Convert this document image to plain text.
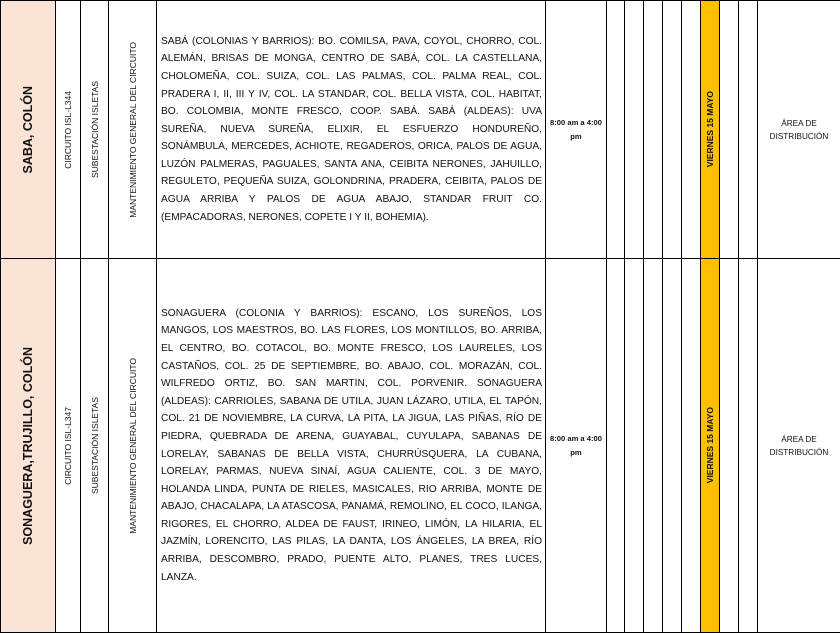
SABA, COLÓN	CIRCUITO ISL-L344	SUBESTACIÓN ISLETAS	MANTENIMIENTO GENERAL DEL CIRCUITO	SABÁ (COLONIAS Y BARRIOS): BO. COMILSA, PAVA, COYOL, CHORRO, COL. ALEMÁN, BRISAS DE MONGA, CENTRO DE SABÁ, COL. LA CASTELLANA, CHOLOMEÑA, COL. SUIZA, COL. LAS PALMAS, COL. PALMA REAL, COL. PRADERA I, II, III Y IV, COL. LA STANDAR, COL. BELLA VISTA, COL. HABITAT, BO. COLOMBIA, MONTE FRESCO, COOP. SABÁ. SABÁ (ALDEAS): UVA SUREÑA, NUEVA SUREÑA, ELIXIR, EL ESFUERZO HONDUREÑO, SONÁMBULA, MERCEDES, ACHIOTE, REGADEROS, ORICA, PALOS DE AGUA, LUZÓN PALMERAS, PAGUALES, SANTA ANA, CEIBITA NERONES, JAHUILLO, REGULETO, PEQUEÑA SUIZA, GOLONDRINA, PRADERA, CEIBITA, PALOS DE AGUA ARRIBA Y PALOS DE AGUA ABAJO, STANDAR FRUIT CO. (EMPACADORAS, NERONES, COPETE I Y II, BOHEMIA).	8:00 am a 4:00 pm						VIERNES 15 MAYO			ÁREA DE DISTRIBUCIÓN

SONAGUERA,TRUJILLO, COLÓN	CIRCUITO ISL-L347	SUBESTACIÓN ISLETAS	MANTENIMIENTO GENERAL DEL CIRCUITO	SONAGUERA (COLONIA Y BARRIOS): ESCANO, LOS SUREÑOS, LOS MANGOS, LOS MAESTROS, BO. LAS FLORES, LOS MONTILLOS, BO. ARRIBA, EL CENTRO, BO. COTACOL, BO. MONTE FRESCO, LOS LAURELES, LOS CASTAÑOS, COL. 25 DE SEPTIEMBRE, BO. ABAJO, COL. MORAZÁN, COL. WILFREDO ORTIZ, BO. SAN MARTIN, COL. PORVENIR. SONAGUERA (ALDEAS): CARRIOLES, SABANA DE UTILA, JUAN LÁZARO, UTILA, EL TAPÓN, COL. 21 DE NOVIEMBRE, LA CURVA, LA PITA, LA JIGUA, LAS PIÑAS, RÍO DE PIEDRA, QUEBRADA DE ARENA, GUAYABAL, CUYULAPA, SABANAS DE LORELAY, SABANAS DE BELLA VISTA, CHURRÚSQUERA, LA CUBANA, LORELAY, PARMAS, NUEVA SINAÍ, AGUA CALIENTE, COL. 3 DE MAYO, HOLANDA LINDA, PUNTA DE RIELES, MASICALES, RIO ARRIBA, MONTE DE ABAJO, CHACALAPA, LA ATASCOSA, PANAMÁ, REMOLINO, EL COCO, ILANGA, RIGORES, EL CHORRO, ALDEA DE FAUST, IRINEO, LIMÓN, LA HILARIA, EL JAZMÍN, LORENCITO, LAS PILAS, LA DANTA, LOS ÁNGELES, LA BREA, RÍO ARRIBA, DESCOMBRO, PRADO, PUENTE ALTO, PLANES, TRES LUCES, LANZA.	8:00 am a 4:00 pm						VIERNES 15 MAYO			ÁREA DE DISTRIBUCIÓN
